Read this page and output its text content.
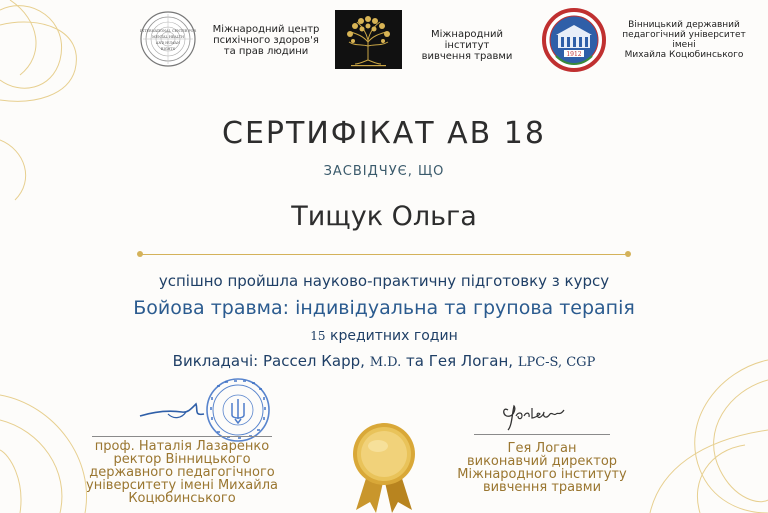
INTERNATIONAL CENTER FOR
MENTAL HEALTH
AND HUMAN
RIGHTS
Міжнародний центр
психічного здоров'я
та прав людини
Міжнародний інститут
вивчення травми	1912
Вінницький державний
педагогічний університет імені
Михайла Коцюбинського
СЕРТИФІКАТ АВ 18
ЗАСВІДЧУЄ, ЩО
Тищук Ольга
успішно пройшла науково-практичну підготовку з курсу
Бойова травма: індивідуальна та групова терапія
15 кредитних годин
Викладачі: Рассел Карр, M.D. та Гея Логан, LPC-S, CGP
проф. Наталія Лазаренко
ректор Вінницького
державного педагогічного
університету імені Михайла
Коцюбинського
Гея Логан
виконавчий директор
Міжнародного інституту
вивчення травми
